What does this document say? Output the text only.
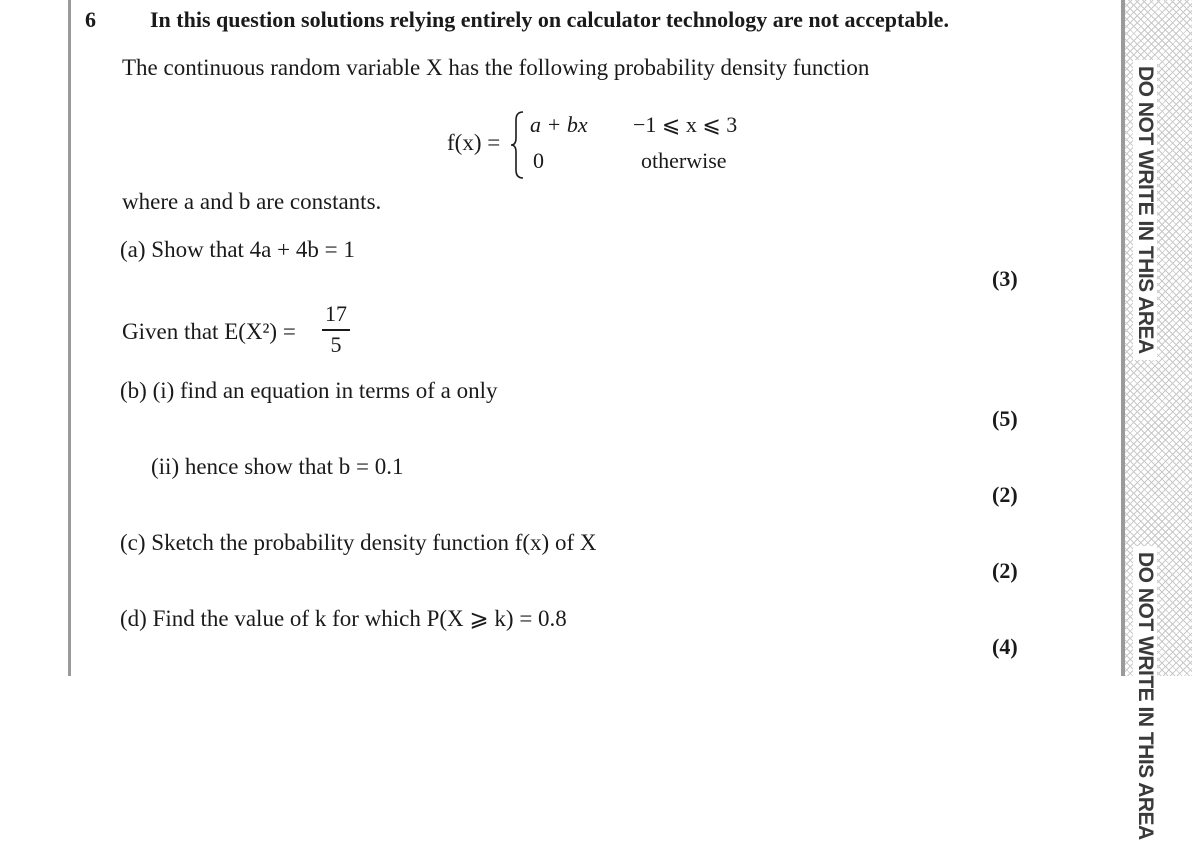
DO NOT WRITE IN THIS AREA
DO NOT WRITE IN THIS AREA
6 In this question solutions relying entirely on calculator technology are not acceptable.
The continuous random variable X has the following probability density function
f(x) =
a + bx −1 ⩽ x ⩽ 3
0	otherwise
where a and b are constants.
(a) Show that 4a + 4b = 1
(3)
Given that E(X²) =
17
5
(b) (i) find an equation in terms of a only
(5)
(ii) hence show that b = 0.1
(2)
(c) Sketch the probability density function f(x) of X
(2)
(d) Find the value of k for which P(X ⩾ k) = 0.8
(4)
